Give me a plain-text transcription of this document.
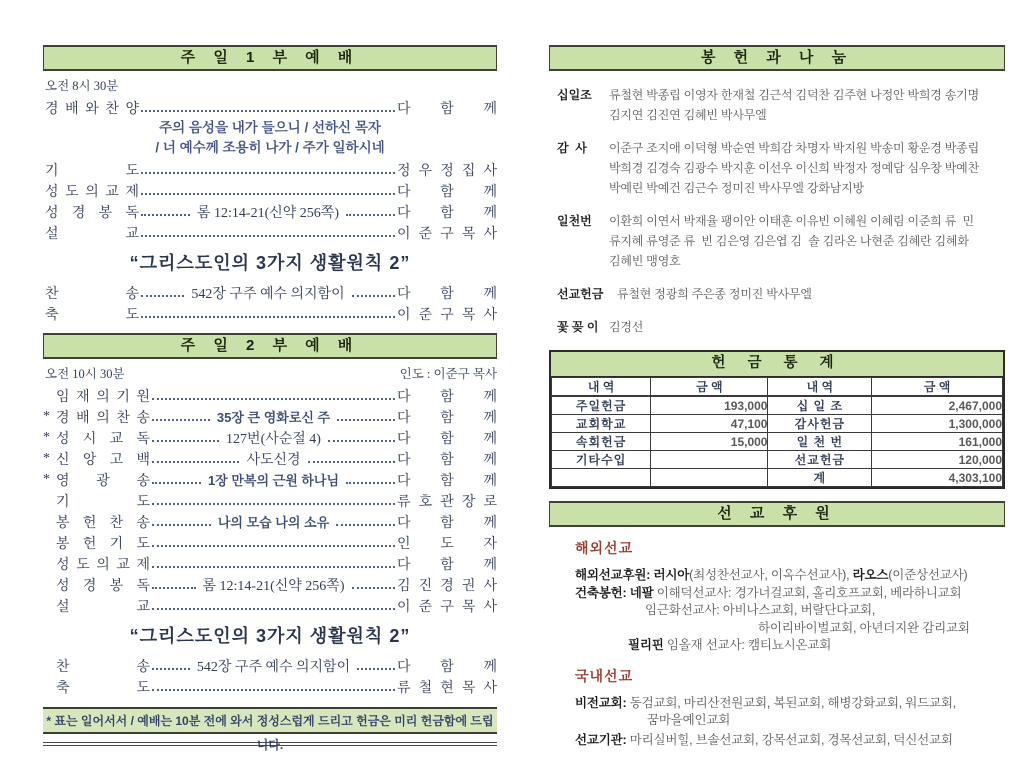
주 일 1 부 예 배
오전 8시 30분
경 배 와 찬 양	다 함 께
주의 음성을 내가 들으니 / 선하신 목자
/ 너 예수께 조용히 나가 / 주가 일하시네
기 도	정 우 정 집 사
성 도 의 교 제	다 함 께
성 경 봉 독	롬 12:14-21(신약 256쪽)	다 함 께
설 교	이 준 구 목 사
“그리스도인의 3가지 생활원칙 2”
찬 송	542장 구주 예수 의지함이	다 함 께
축 도	이 준 구 목 사
주 일 2 부 예 배
오전 10시 30분	인도 : 이준구 목사
임 재 의 기 원	다 함 께
* 경 배 의 찬 송	35장 큰 영화로신 주	다 함 께
* 성 시 교 독	127번(사순절 4)	다 함 께
* 신 앙 고 백	사도신경	다 함 께
* 영 광 송	1장 만복의 근원 하나님	다 함 께
기 도	류 호 관 장 로
봉 헌 찬 송	나의 모습 나의 소유	다 함 께
봉 헌 기 도	인 도 자
성 도 의 교 제	다 함 께
성 경 봉 독	롬 12:14-21(신약 256쪽)	김 진 경 권 사
설 교	이 준 구 목 사
“그리스도인의 3가지 생활원칙 2”
찬 송	542장 구주 예수 의지함이	다 함 께
축 도	류 철 현 목 사
* 표는 일어서서 / 예배는 10분 전에 와서 정성스럽게 드리고 헌금은 미리 헌금함에 드립니다.
봉 헌 과 나 눔
십일조	류철현 박종립 이영자 한재철 김근석 김덕찬 김주현 나정안 박희경 송기명
김지연 김진연 김혜빈 박사무엘
감  사	이준구 조지애 이덕형 박순연 박희감 차명자 박지원 박송미 황운경 박종립
박희경 김경숙 김광수 박지훈 이선우 이신희 박정자 정예담 심우창 박예찬
박예린 박예건 김근수 정미진 박사무엘 강화남지방
일천번	이환희 이연서 박재율 팽이안 이태훈 이유빈 이혜원 이혜림 이준희 류  민
류지혜 류영준 류  빈 김은영 김은엽 김  솔 김라온 나현준 김혜란 김혜화
김혜빈 맹영호
선교헌금	류철현 정광희 주은종 정미진 박사무엘
꽃 꽂 이 김경선
헌 금 통 계
내 역	금 액	내 역	금 액
주일헌금	193,000	십 일 조	2,467,000
교회학교	47,100	감사헌금	1,300,000
속회헌금	15,000	일 천 번	161,000
기타수입		선교헌금	120,000
		계	4,303,100
선 교 후 원
해외선교
해외선교후원: 러시아(최성찬선교사, 이옥수선교사), 라오스(이준상선교사)
건축봉헌: 네팔 이해덕선교사: 경가너걸교회, 홀리호프교회, 베라하니교회
임근화선교사: 아비나스교회, 버랄단다교회,
하이리바이벌교회, 아년더지완 감리교회
필리핀 임올재 선교사: 캠티뇨시온교회
국내선교
비전교회: 동검교회, 마리산전원교회, 복된교회, 해병강화교회, 워드교회,
꿈마을예인교회
선교기관: 마리실버힐, 브솔선교회, 강목선교회, 경목선교회, 덕신선교회
